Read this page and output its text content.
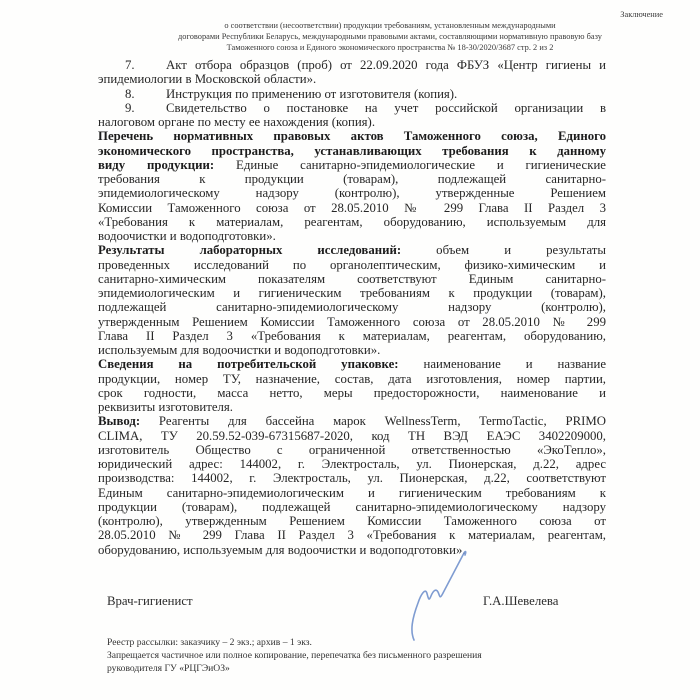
Заключение
о соответствии (несоответствии) продукции требованиям, установленным международными
договорами Республики Беларусь, международными правовыми актами, составляющими нормативную правовую базу
Таможенного союза и Единого экономического пространства № 18-30/2020/3687 стр. 2 из 2
7. Акт отбора образцов (проб) от 22.09.2020 года ФБУЗ «Центр гигиены и
эпидемиологии в Московской области».
8. Инструкция по применению от изготовителя (копия).
9. Свидетельство о постановке на учет российской организации в
налоговом органе по месту ее нахождения (копия).
Перечень нормативных правовых актов Таможенного союза, Единого
экономического пространства, устанавливающих требования к данному
виду продукции: Единые санитарно-эпидемиологические и гигиенические
требования к продукции (товарам), подлежащей санитарно-
эпидемиологическому надзору (контролю), утвержденные Решением
Комиссии Таможенного союза от 28.05.2010 № 299 Глава II Раздел 3
«Требования к материалам, реагентам, оборудованию, используемым для
водоочистки и водоподготовки».
Результаты лабораторных исследований: объем и результаты
проведенных исследований по органолептическим, физико-химическим и
санитарно-химическим показателям соответствуют Единым санитарно-
эпидемиологическим и гигиеническим требованиям к продукции (товарам),
подлежащей санитарно-эпидемиологическому надзору (контролю),
утвержденным Решением Комиссии Таможенного союза от 28.05.2010 № 299
Глава II Раздел 3 «Требования к материалам, реагентам, оборудованию,
используемым для водоочистки и водоподготовки».
Сведения на потребительской упаковке: наименование и название
продукции, номер ТУ, назначение, состав, дата изготовления, номер партии,
срок годности, масса нетто, меры предосторожности, наименование и
реквизиты изготовителя.
Вывод: Реагенты для бассейна марок WellnessTerm, TermoTactic, PRIMO
CLIMA, ТУ 20.59.52-039-67315687-2020, код ТН ВЭД ЕАЭС 3402209000,
изготовитель Общество с ограниченной ответственностью «ЭкоТепло»,
юридический адрес: 144002, г. Электросталь, ул. Пионерская, д.22, адрес
производства: 144002, г. Электросталь, ул. Пионерская, д.22, соответствуют
Единым санитарно-эпидемиологическим и гигиеническим требованиям к
продукции (товарам), подлежащей санитарно-эпидемиологическому надзору
(контролю), утвержденным Решением Комиссии Таможенного союза от
28.05.2010 № 299 Глава II Раздел 3 «Требования к материалам, реагентам,
оборудованию, используемым для водоочистки и водоподготовки».
Врач-гигиенист	Г.А.Шевелева
Реестр рассылки: заказчику – 2 экз.; архив – 1 экз.
Запрещается частичное или полное копирование, перепечатка без письменного разрешения
руководителя ГУ «РЦГЭиОЗ»
